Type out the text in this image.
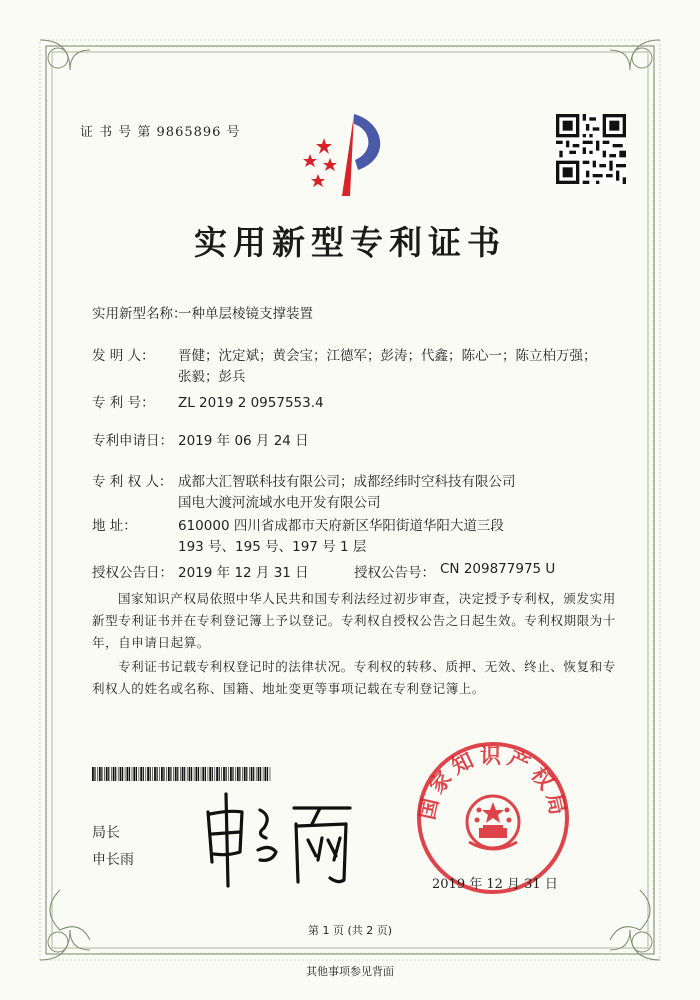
证 书 号 第 9865896 号
实用新型专利证书
实用新型名称：
一种单层棱镜支撑装置
发 明 人：	晋健；沈定斌；黄会宝；江德军；彭涛；代鑫；陈心一；陈立柏万强；张毅；彭兵
专 利 号：	ZL 2019 2 0957553.4
专利申请日： 2019 年 06 月 24 日
专 利 权 人： 成都大汇智联科技有限公司；成都经纬时空科技有限公司国电大渡河流域水电开发有限公司
地 址：	610000 四川省成都市天府新区华阳街道华阳大道三段 193 号、195 号、197 号 1 层
授权公告日： 2019 年 12 月 31 日	授权公告号： CN 209877975 U
国家知识产权局依照中华人民共和国专利法经过初步审查，决定授予专利权，颁发实用新型专利证书并在专利登记簿上予以登记。专利权自授权公告之日起生效。专利权期限为十年，自申请日起算。
专利证书记载专利权登记时的法律状况。专利权的转移、质押、无效、终止、恢复和专利权人的姓名或名称、国籍、地址变更等事项记载在专利登记簿上。
局长
申长雨
国家知识产权局
2019 年 12 月 31 日
第 1 页 (共 2 页)
其他事项参见背面
